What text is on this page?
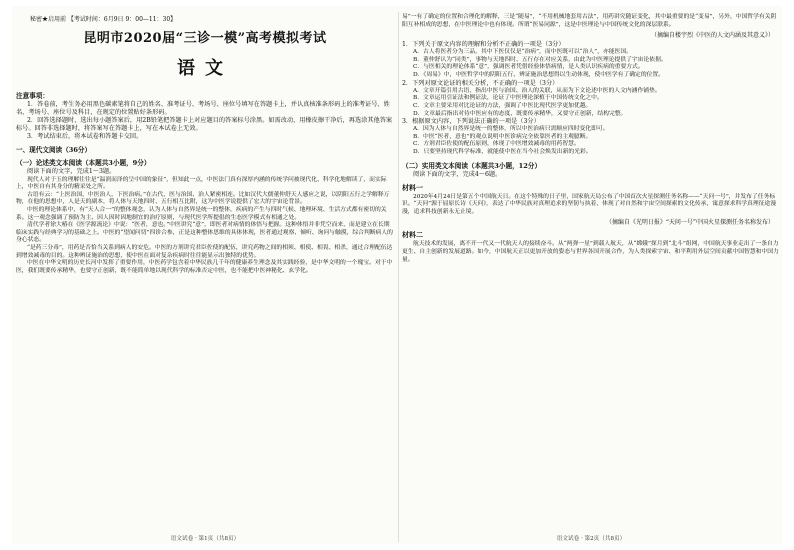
秘密★启用前 【考试时间：6月9日 9：00—11：30】
昆明市2020届“三诊一模”高考模拟考试
语文
注意事项：

1．答卷前，考生务必用黑色碳素笔将自己的姓名、准考证号、考场号、座位号填写在答题卡上，并认真核准条形码上的准考证号、姓名、考场号、座位号及科目，在规定的位置贴好条形码。

2．回答选择题时，选出每小题答案后，用2B铅笔把答题卡上对应题目的答案标号涂黑。如需改动，用橡皮擦干净后，再选涂其他答案标号。回答非选择题时，将答案写在答题卡上，写在本试卷上无效。

3．考试结束后，将本试卷和答题卡交回。

一、现代文阅读（36分）
（一）论述类文本阅读（本题共3小题，9分）

阅读下面的文字，完成1～3题。

现代人对于玉的理解往往是“温润而泽的呈中国的象征”，但知此一点，中医法门真有深厚内涵的传统学问被现代化、科学化地解读了，而实际上，中医自有其身分的精采处之所。

古语有云：“上医治国，中医治人，下医治病。”在古代，医与治国、治人紧密相连。比如汉代大儒董仲舒天人感应之说，以阴阳五行之学解释万物，在他的思想中，人是天的副本，将人体与天地四时、五行相互比附，这为中医学说提供了宏大的宇宙论背景。

中医的理论体系中，有“天人合一”的整体观念，认为人体与自然界是统一的整体，疾病的产生与四时气候、地理环境、生活方式都有密切的关系。这一观念强调了预防为主、因人因时因地制宜的治疗原则，与现代医学所提倡的生态医学模式有相通之处。

清代学者徐大椿在《医学源流论》中说：“医者，意也。”中医讲究“意”，即医者对病情的体悟与把握。这种体悟并非凭空而来，而是建立在长期临床实践与经典学习的基础之上。中医的“望闻问切”四诊合参，正是这种整体思维的具体体现，医者通过观察、倾听、询问与触摸，综合判断病人的身心状态。

“是药三分毒”，用药是否恰当关系到病人的安危。中医的方剂讲究君臣佐使的配伍，讲究药物之间的相须、相使、相畏、相杀，通过合理配伍达到增效减毒的目的。这种辨证施治的思想，使中医在面对复杂疾病时往往能显示出独特的优势。

中医在中华文明的历史长河中发挥了重要作用，中医药学包含着中华民族几千年的健康养生理念及其实践经验，是中华文明的一个瑰宝。对于中医，我们既要传承精华，也要守正创新，既不能简单地以现代科学的标准否定中医，也不能把中医神秘化、玄学化。

语文试卷 · 第1页（共8页）

易”一有了确定的位置和合理化的解释，三是“随易”，“不用机械地套用古法”，用药讲究随证变化，其中最重要的是“变易”，另外，中国哲学有关阴阳互补相成的思想，在中医理论中也有体现。所谓“医易同源”，这是中医理论与中国传统文化的深层联系。

（摘编自楼宇烈《中医的人文内涵及其意义》）

1．下列关于原文内容的理解和分析不正确的一项是（3分）

A．古人将医者分为三品，其中下医仅仅是“治病”，而中医既可以“治人”，亦能医国。

B．董仲舒认为“同类”，事物与天地四时、五行存在对应关系，由此为中医理论提供了宇宙论依据。

C．与医相关的理论体系“意”，强调医者凭借经验体悟病情，是人类认识疾病的重要方式。

D．《周易》中，中医哲学中的阴阳五行、辨证施治思想得以生动体现，使中医学有了确定的位置。

2．下列对原文论证的相关分析，不正确的一项是（3分）

A．文章开篇引用古语，指出中医与治国、治人的关联，从而为下文论述中医的人文内涵作铺垫。

B．文章运用引证法和例证法，论证了中医理论深植于中国传统文化之中。

C．文章主要采用对比论证的方法，强调了中医比现代医学更加优越。

D．文章最后指出对待中医应有的态度，既要传承精华，又要守正创新，结构完整。

3．根据原文内容，下列说法正确的一项是（3分）

A．因为人体与自然界是统一的整体，所以中医治病只需顺应四时变化即可。

B．中医“医者，意也”的观点说明中医诊病完全依靠医者的主观臆断。

C．方剂君臣佐使的配伍原则，体现了中医增效减毒的用药智慧。

D．只要坚持现代科学标准，就能使中医在当今社会焕发出新的光彩。

（二）实用类文本阅读（本题共3小题，12分）

阅读下面的文字，完成4～6题。

材料一

2020年4月24日是第五个中国航天日。在这个特殊的日子里，国家航天局公布了中国首次火星探测任务名称——“天问一号”，并发布了任务标识。“天问”源于屈原长诗《天问》，表达了中华民族对真理追求的坚韧与执着，体现了对自然和宇宙空间探索的文化传承，寓意探求科学真理征途漫漫，追求科技创新永无止境。

（摘编自《光明日报》“天问一号”中国火星探测任务名称发布）
材料二

航天技术的发展，离不开一代又一代航天人的接续奋斗。从“两弹一星”到载人航天，从“嫦娥”探月到“北斗”组网，中国航天事业走出了一条自力更生、自主创新的发展道路。如今，中国航天正以更加开放的姿态与世界各国开展合作，为人类探索宇宙、和平利用外层空间贡献中国智慧和中国力量。

语文试卷 · 第2页（共8页）
